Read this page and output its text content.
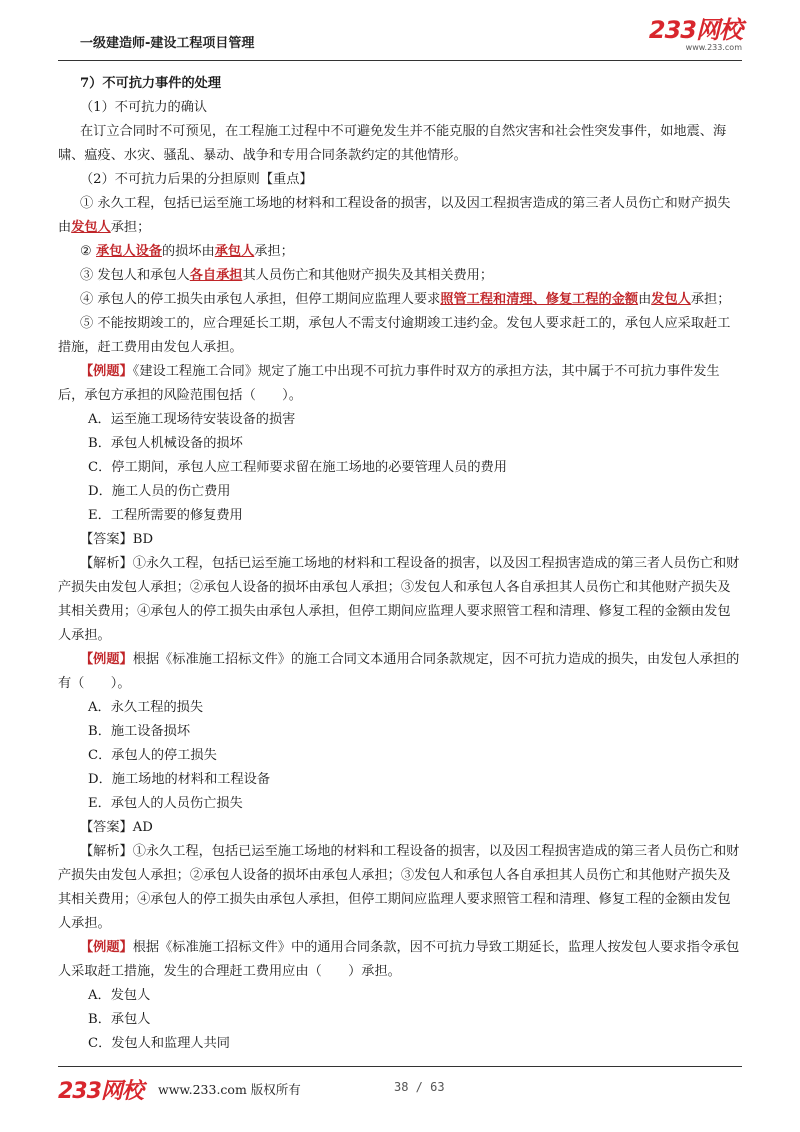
一级建造师-建设工程项目管理	233网校
www.233.com

7）不可抗力事件的处理

（1）不可抗力的确认

在订立合同时不可预见，在工程施工过程中不可避免发生并不能克服的自然灾害和社会性突发事件，如地震、海啸、瘟疫、水灾、骚乱、暴动、战争和专用合同条款约定的其他情形。

（2）不可抗力后果的分担原则【重点】

① 永久工程，包括已运至施工场地的材料和工程设备的损害，以及因工程损害造成的第三者人员伤亡和财产损失由发包人承担；

② 承包人设备的损坏由承包人承担；

③ 发包人和承包人各自承担其人员伤亡和其他财产损失及其相关费用；

④ 承包人的停工损失由承包人承担，但停工期间应监理人要求照管工程和清理、修复工程的金额由发包人承担；

⑤ 不能按期竣工的，应合理延长工期，承包人不需支付逾期竣工违约金。发包人要求赶工的，承包人应采取赶工措施，赶工费用由发包人承担。

【例题】《建设工程施工合同》规定了施工中出现不可抗力事件时双方的承担方法，其中属于不可抗力事件发生后，承包方承担的风险范围包括（　　）。

A．运至施工现场待安装设备的损害

B．承包人机械设备的损坏

C．停工期间，承包人应工程师要求留在施工场地的必要管理人员的费用

D．施工人员的伤亡费用

E．工程所需要的修复费用

【答案】BD

【解析】①永久工程，包括已运至施工场地的材料和工程设备的损害，以及因工程损害造成的第三者人员伤亡和财产损失由发包人承担；②承包人设备的损坏由承包人承担；③发包人和承包人各自承担其人员伤亡和其他财产损失及其相关费用；④承包人的停工损失由承包人承担，但停工期间应监理人要求照管工程和清理、修复工程的金额由发包人承担。

【例题】根据《标准施工招标文件》的施工合同文本通用合同条款规定，因不可抗力造成的损失，由发包人承担的有（　　）。

A．永久工程的损失

B．施工设备损坏

C．承包人的停工损失

D．施工场地的材料和工程设备

E．承包人的人员伤亡损失

【答案】AD

【解析】①永久工程，包括已运至施工场地的材料和工程设备的损害，以及因工程损害造成的第三者人员伤亡和财产损失由发包人承担；②承包人设备的损坏由承包人承担；③发包人和承包人各自承担其人员伤亡和其他财产损失及其相关费用；④承包人的停工损失由承包人承担，但停工期间应监理人要求照管工程和清理、修复工程的金额由发包人承担。

【例题】根据《标准施工招标文件》中的通用合同条款，因不可抗力导致工期延长，监理人按发包人要求指令承包人采取赶工措施，发生的合理赶工费用应由（　　）承担。

A．发包人

B．承包人

C．发包人和监理人共同

233网校 www.233.com 版权所有	38 / 63
